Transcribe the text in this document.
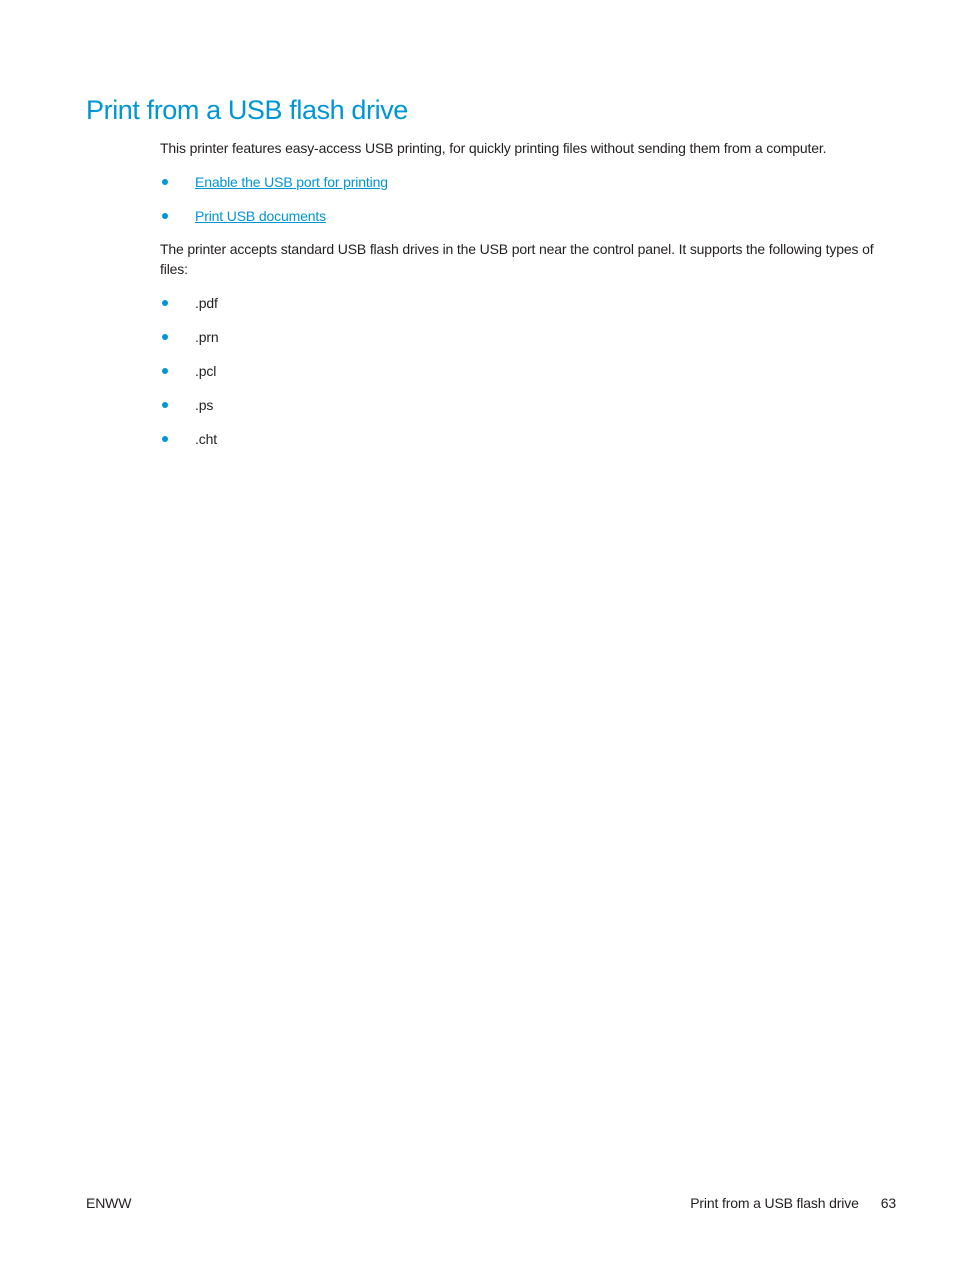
Print from a USB flash drive

This printer features easy-access USB printing, for quickly printing files without sending them from a computer.

Enable the USB port for printing
Print USB documents

The printer accepts standard USB flash drives in the USB port near the control panel. It supports the following types of files:

.pdf
.prn
.pcl
.ps
.cht
ENWW	Print from a USB flash drive 63
